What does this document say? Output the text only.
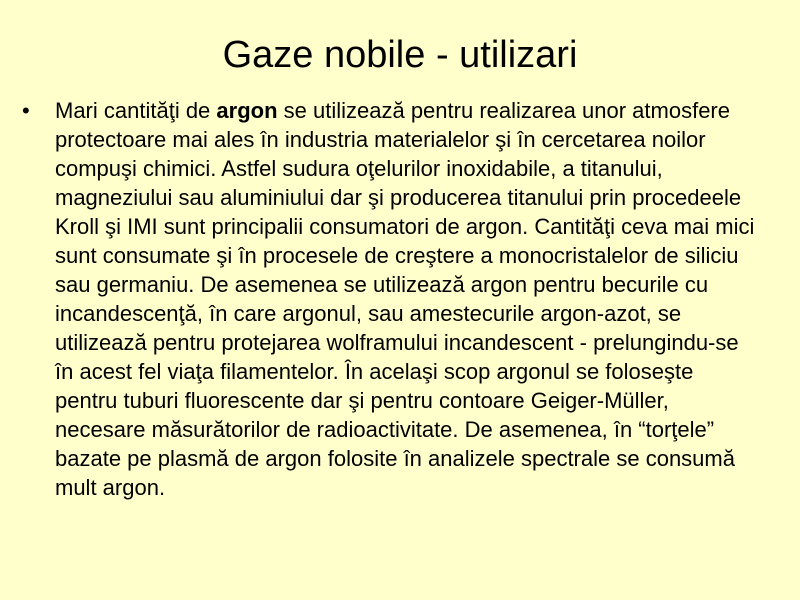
Gaze nobile - utilizari
• Mari cantităţi de argon se utilizează pentru realizarea unor atmosfere protectoare mai ales în industria materialelor şi în cercetarea noilor compuşi chimici. Astfel sudura oţelurilor inoxidabile, a titanului, magneziului sau aluminiului dar şi producerea titanului prin procedeele Kroll şi IMI sunt principalii consumatori de argon. Cantităţi ceva mai mici sunt consumate şi în procesele de creştere a monocristalelor de siliciu sau germaniu. De asemenea se utilizează argon pentru becurile cu incandescenţă, în care argonul, sau amestecurile argon-azot, se utilizează pentru protejarea wolframului incandescent - prelungindu-se în acest fel viaţa filamentelor. În acelaşi scop argonul se foloseşte pentru tuburi fluorescente dar şi pentru contoare Geiger-Müller, necesare măsurătorilor de radioactivitate. De asemenea, în “torţele” bazate pe plasmă de argon folosite în analizele spectrale se consumă mult argon.
